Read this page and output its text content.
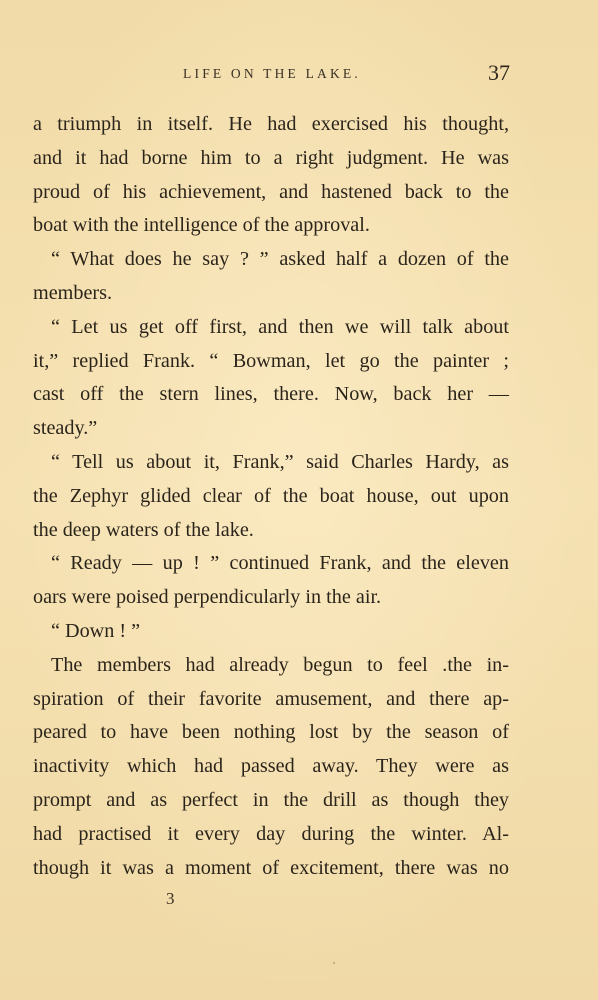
LIFE ON THE LAKE.	37
a triumph in itself. He had exercised his thought,
and it had borne him to a right judgment. He was
proud of his achievement, and hastened back to the
boat with the intelligence of the approval.
“ What does he say ? ” asked half a dozen of the
members.
“ Let us get off first, and then we will talk about
it,” replied Frank. “ Bowman, let go the painter ;
cast off the stern lines, there. Now, back her —
steady.”
“ Tell us about it, Frank,” said Charles Hardy, as
the Zephyr glided clear of the boat house, out upon
the deep waters of the lake.
“ Ready — up ! ” continued Frank, and the eleven
oars were poised perpendicularly in the air.
“ Down ! ”
The members had already begun to feel .the in-
spiration of their favorite amusement, and there ap-
peared to have been nothing lost by the season of
inactivity which had passed away. They were as
prompt and as perfect in the drill as though they
had practised it every day during the winter. Al-
though it was a moment of excitement, there was no
3
